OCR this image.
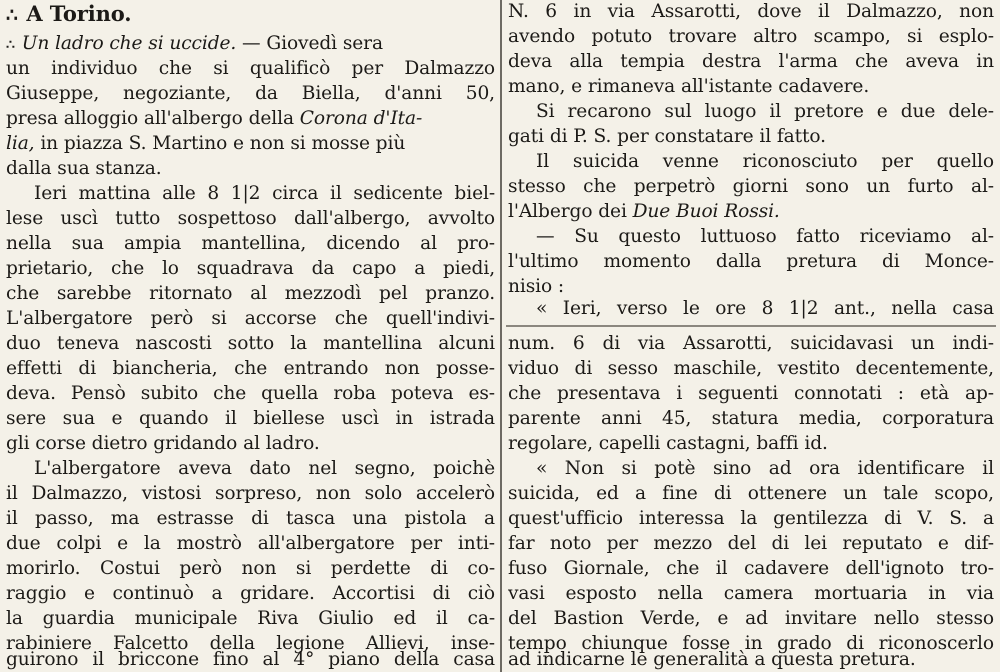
∴ A Torino.
∴ Un ladro che si uccide. — Giovedì sera
un individuo che si qualificò per Dalmazzo
Giuseppe, negoziante, da Biella, d'anni 50,
presa alloggio all'albergo della Corona d'Ita-
lia, in piazza S. Martino e non si mosse più
dalla sua stanza.
Ieri mattina alle 8 1|2 circa il sedicente biel-
lese uscì tutto sospettoso dall'albergo, avvolto
nella sua ampia mantellina, dicendo al pro-
prietario, che lo squadrava da capo a piedi,
che sarebbe ritornato al mezzodì pel pranzo.
L'albergatore però si accorse che quell'indivi-
duo teneva nascosti sotto la mantellina alcuni
effetti di biancheria, che entrando non posse-
deva. Pensò subito che quella roba poteva es-
sere sua e quando il biellese uscì in istrada
gli corse dietro gridando al ladro.
L'albergatore aveva dato nel segno, poichè
il Dalmazzo, vistosi sorpreso, non solo accelerò
il passo, ma estrasse di tasca una pistola a
due colpi e la mostrò all'albergatore per inti-
morirlo. Costui però non si perdette di co-
raggio e continuò a gridare. Accortisi di ciò
la guardia municipale Riva Giulio ed il ca-
rabiniere Falcetto della legione Allievi, inse-
guirono il briccone fino al 4° piano della casa
N. 6 in via Assarotti, dove il Dalmazzo, non
avendo potuto trovare altro scampo, si esplo-
deva alla tempia destra l'arma che aveva in
mano, e rimaneva all'istante cadavere.
Si recarono sul luogo il pretore e due dele-
gati di P. S. per constatare il fatto.
Il suicida venne riconosciuto per quello
stesso che perpetrò giorni sono un furto al-
l'Albergo dei Due Buoi Rossi.
— Su questo luttuoso fatto riceviamo al-
l'ultimo momento dalla pretura di Monce-
nisio :
« Ieri, verso le ore 8 1|2 ant., nella casa
num. 6 di via Assarotti, suicidavasi un indi-
viduo di sesso maschile, vestito decentemente,
che presentava i seguenti connotati : età ap-
parente anni 45, statura media, corporatura
regolare, capelli castagni, baffi id.
« Non si potè sino ad ora identificare il
suicida, ed a fine di ottenere un tale scopo,
quest'ufficio interessa la gentilezza di V. S. a
far noto per mezzo del di lei reputato e dif-
fuso Giornale, che il cadavere dell'ignoto tro-
vasi esposto nella camera mortuaria in via
del Bastion Verde, e ad invitare nello stesso
tempo chiunque fosse in grado di riconoscerlo
ad indicarne le generalità a questa pretura.
